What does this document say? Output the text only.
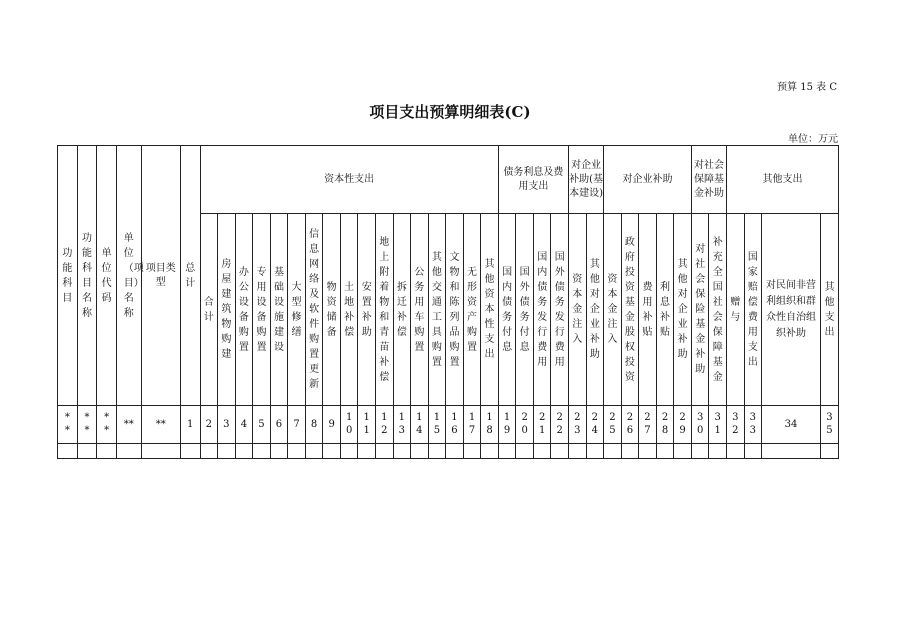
预算 15 表 C
项目支出预算明细表(C)
单位：万元
功能科目	功能科目名称	单位代码	单位（项目）名称	项目类型	总计	资本性支出																	债务利息及费用支出				对企业补助(基本建设)		对企业补助					对社会保障基金补助		其他支出			
						合计	房屋建筑物购建	办公设备购置	专用设备购置	基础设施建设	大型修缮	信息网络及软件购置更新	物资储备	土地补偿	安置补助	地上附着物和青苗补偿	拆迁补偿	公务用车购置	其他交通工具购置	文物和陈列品购置	无形资产购置	其他资本性支出	国内债务付息	国外债务付息	国内债务发行费用	国外债务发行费用	资本金注入	其他对企业补助	资本金注入	政府投资基金股权投资	费用补贴	利息补贴	其他对企业补助	对社会保险基金补助	补充全国社会保障基金	赠与	国家赔偿费用支出	对民间非营利组织和群众性自治组织补助	其他支出
**	**	**	**	**	1	2	3	4	5	6	7	8	9	10	11	12	13	14	15	16	17	18	19	20	21	22	23	24	25	26	27	28	29	30	31	32	33	34	35
